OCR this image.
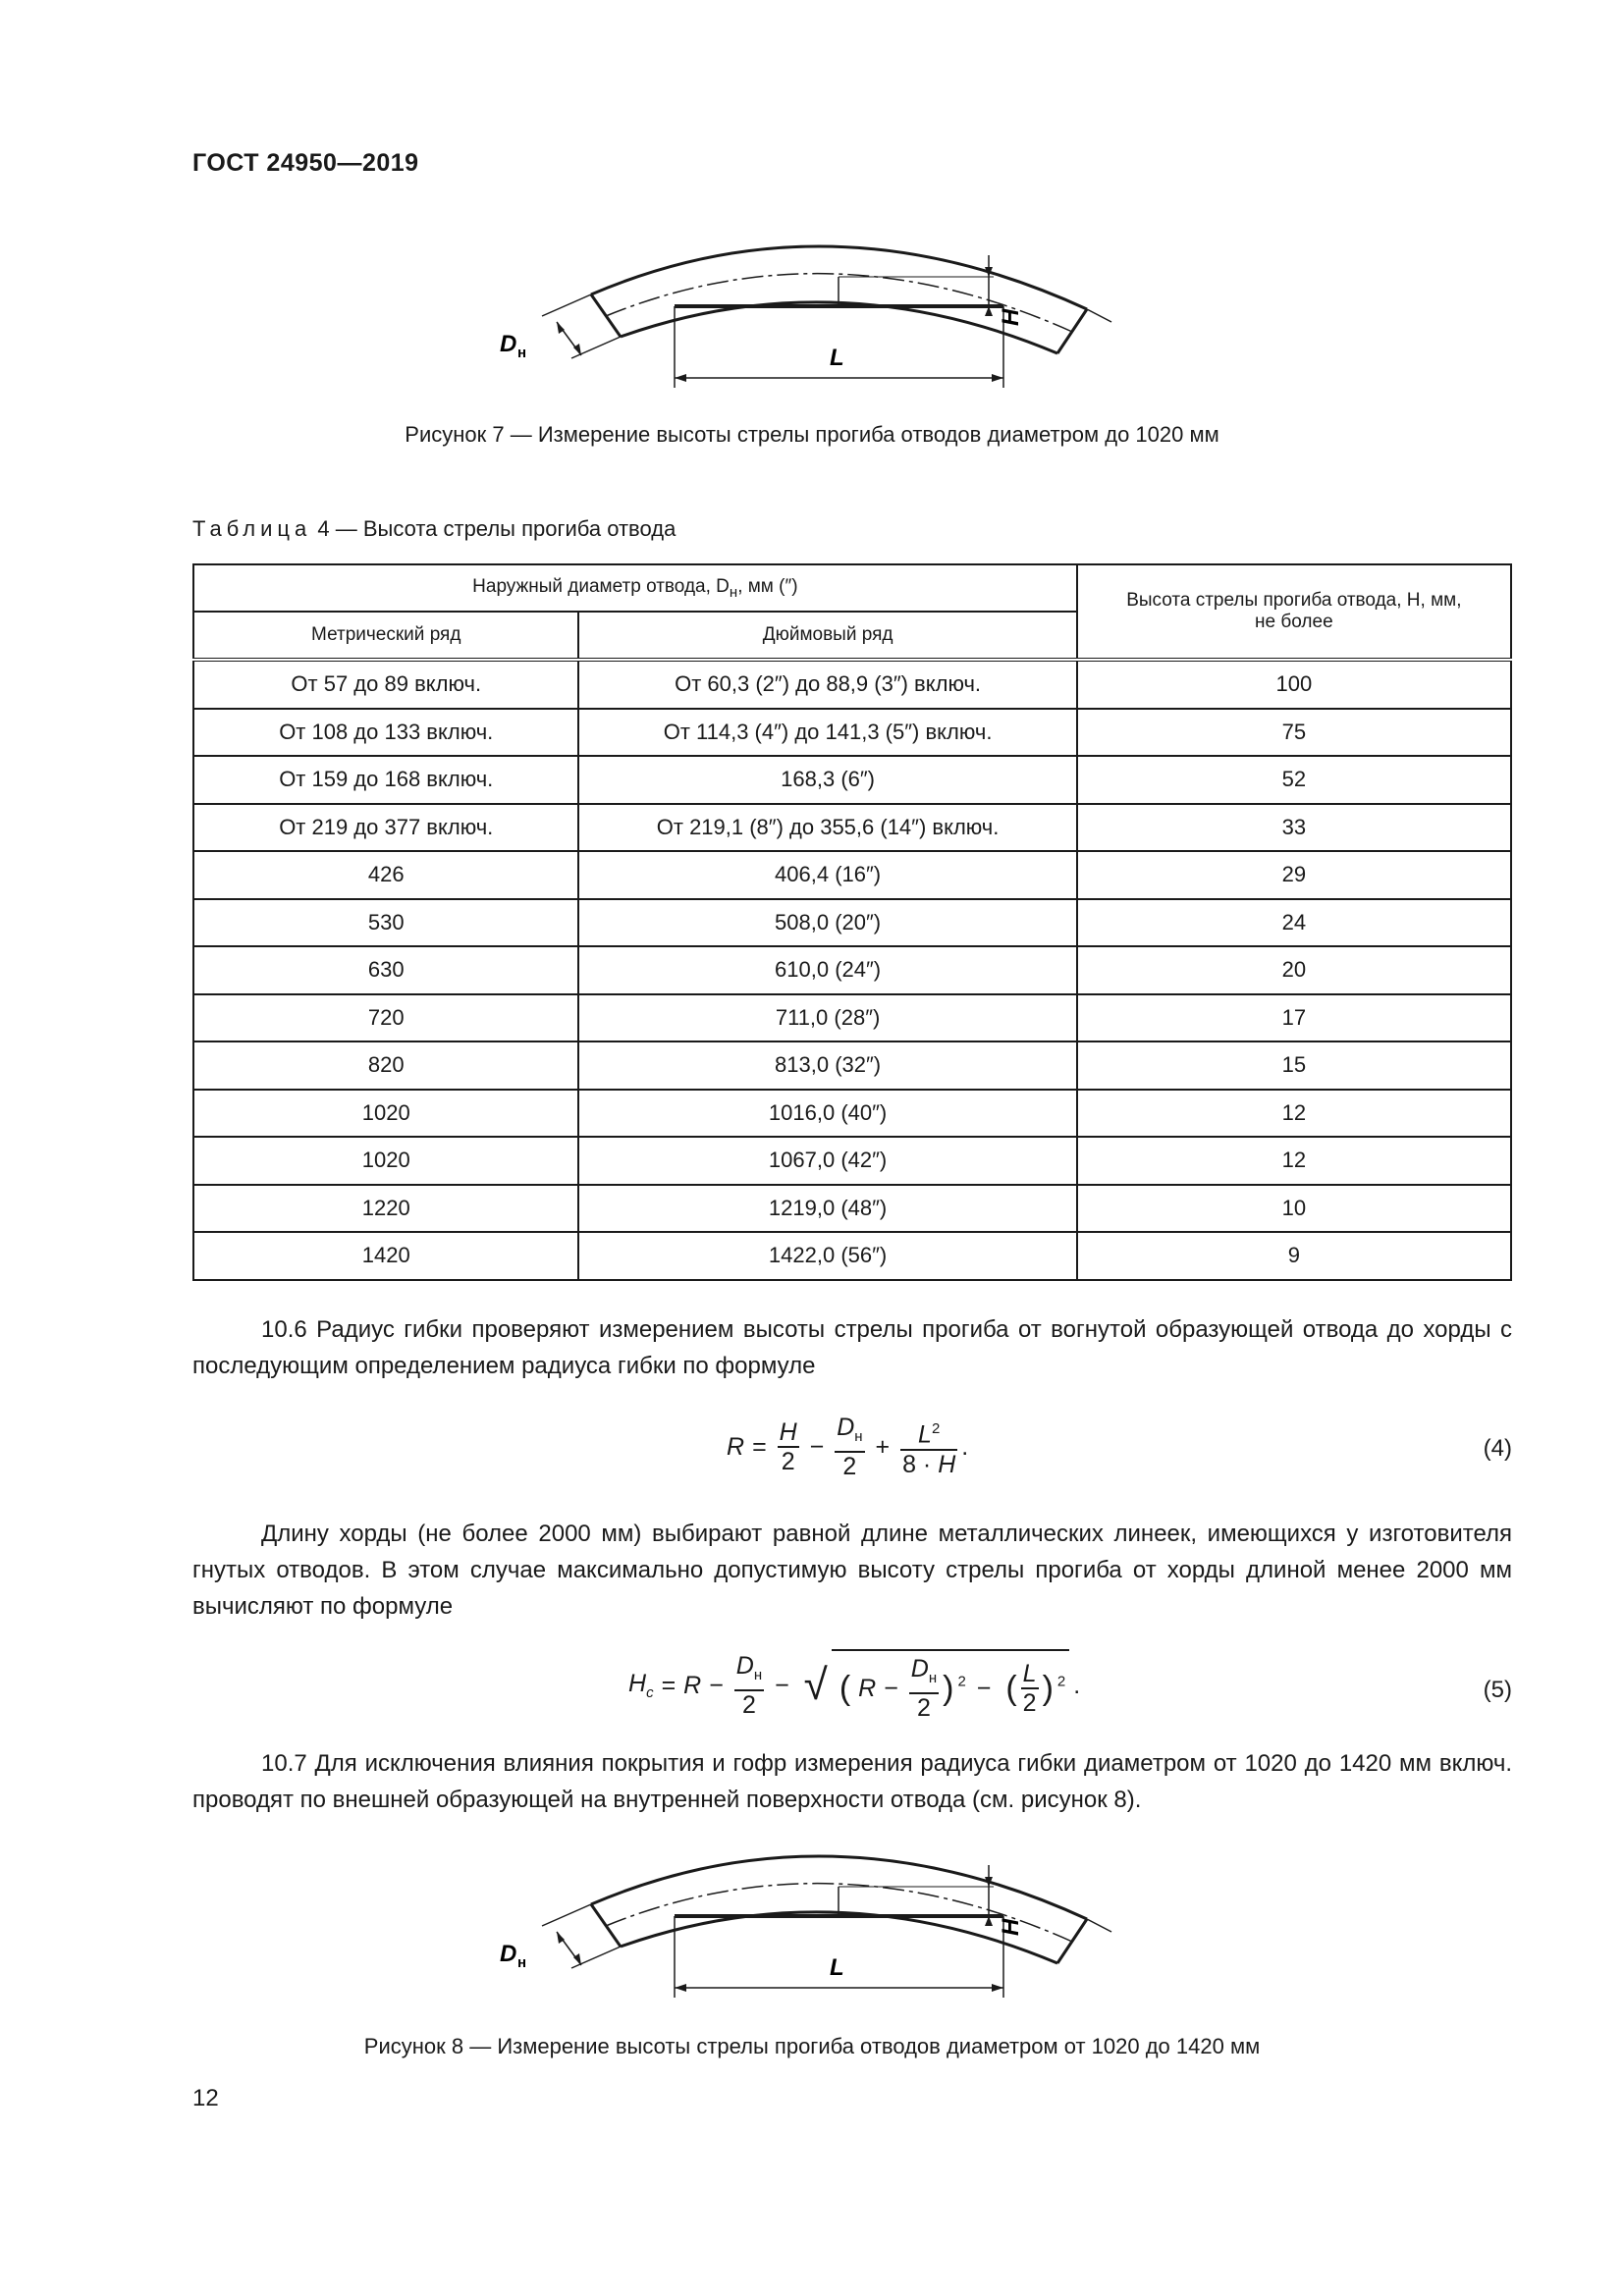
ГОСТ 24950—2019
D н
H
L
Рисунок 7 — Измерение высоты стрелы прогиба отводов диаметром до 1020 мм
Таблица 4 — Высота стрелы прогиба отвода
Наружный диаметр отвода, $D_н$, мм (″)		Высота стрелы прогиба отвода, H, мм,
не более
Метрический ряд	Дюймовый ряд	
От 57 до 89 включ.	От 60,3 (2″) до 88,9 (3″) включ.	100
От 108 до 133 включ.	От 114,3 (4″) до 141,3 (5″) включ.	75
От 159 до 168 включ.	168,3 (6″)	52
От 219 до 377 включ.	От 219,1 (8″) до 355,6 (14″) включ.	33
426	406,4 (16″)	29
530	508,0 (20″)	24
630	610,0 (24″)	20
720	711,0 (28″)	17
820	813,0 (32″)	15
1020	1016,0 (40″)	12
1020	1067,0 (42″)	12
1220	1219,0 (48″)	10
1420	1422,0 (56″)	9
10.6 Радиус гибки проверяют измерением высоты стрелы прогиба от вогнутой образующей отвода до хорды с последующим определением радиуса гибки по формуле
$R = \frac{H}{2} - \frac{D_н}{2} + \frac{L^2}{8 \cdot H}$ .	(4)
Длину хорды (не более 2000 мм) выбирают равной длине металлических линеек, имеющихся у изготовителя гнутых отводов. В этом случае максимально допустимую высоту стрелы прогиба от хорды длиной менее 2000 мм вычисляют по формуле
$H_c = R - \frac{D_н}{2}$ − √ ( $R - \frac{D_н}{2}$ ) $^2$ − ( $\frac{L}{2}$ ) $^2$ .	(5)
10.7 Для исключения влияния покрытия и гофр измерения радиуса гибки диаметром от 1020 до 1420 мм включ. проводят по внешней образующей на внутренней поверхности отвода (см. рисунок 8).
D н
H
L
Рисунок 8 — Измерение высоты стрелы прогиба отводов диаметром от 1020 до 1420 мм
12
